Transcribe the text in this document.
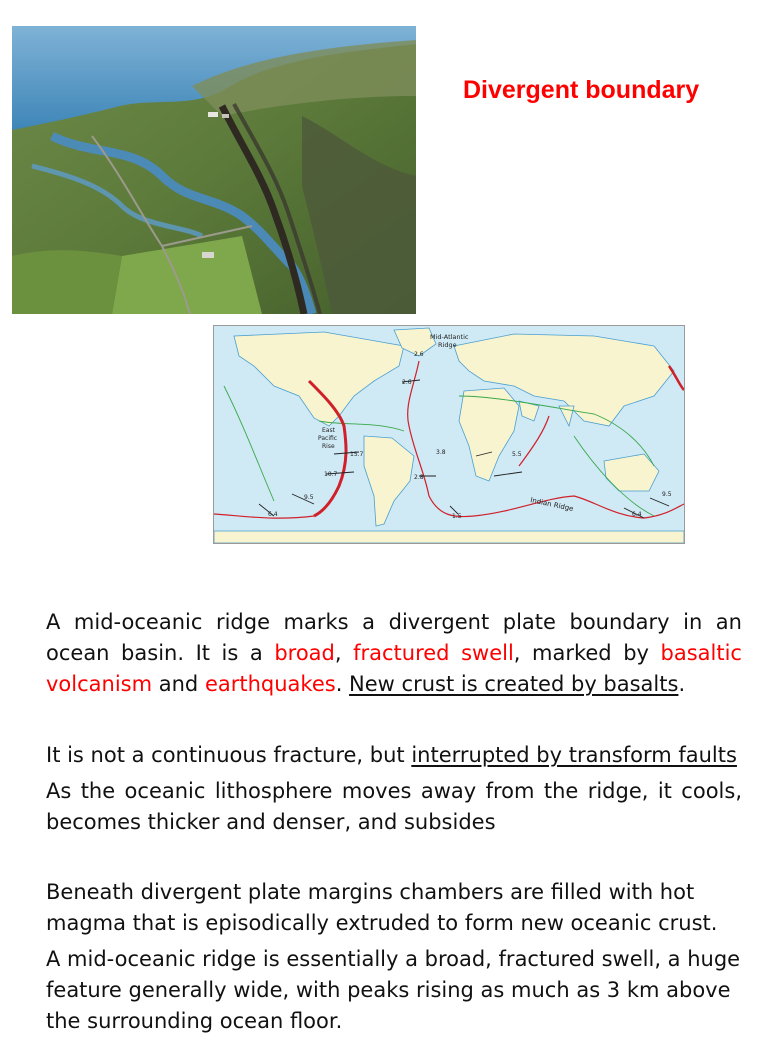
Divergent boundary
Mid-Atlantic
Ridge
East
Pacific
Rise
Indian Ridge
2.6
2.6
15.7
10.7
9.5
6.4
3.8	5.5
2.8
1.5	6.4
9.5

A mid-oceanic ridge marks a divergent plate boundary in an ocean basin. It is a broad, fractured swell, marked by basaltic volcanism and earthquakes. New crust is created by basalts.

It is not a continuous fracture, but interrupted by transform faults

As the oceanic lithosphere moves away from the ridge, it cools, becomes thicker and denser, and subsides

Beneath divergent plate margins chambers are filled with hot magma that is episodically extruded to form new oceanic crust.

A mid-oceanic ridge is essentially a broad, fractured swell, a huge feature generally wide, with peaks rising as much as 3 km above the surrounding ocean floor.
